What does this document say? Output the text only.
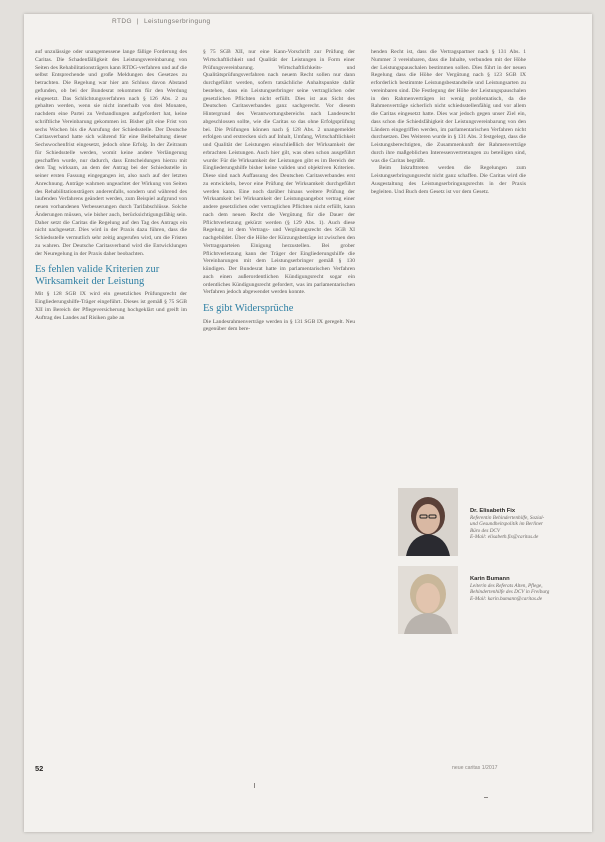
RTDG | Leistungserbringung

auf unzulässige oder unangemessene lange fällige Forderung des Caritas. Die Schadenfälligkeit des Leistungsvereinbarung von Seiten des Rehabilitationsträgers kann RTDG-verfahren und auf die selbst Entsprechende und große Meldungen des Gesetzes zu betrachten. Die Regelung war hier am Schluss davon Abstand gefunden, ob bei der Bundesrat rekommen für den Werdung eingesetzt. Das Schlichtungsverfahren nach § 126 Abs. 2 zu gehalten werden, wenn sie nicht innerhalb von drei Monaten, nachdem eine Partei zu Verhandlungen aufgefordert hat, keine schriftliche Vereinbarung gekommen ist. Bisher gilt eine Frist von sechs Wochen bis die Anrufung der Schiedsstelle. Der Deutsche Caritasverband hatte sich während für eine Beibehaltung dieser Sechswochenfrist eingesetzt, jedoch ohne Erfolg. In der Zeitraum für Schiedsstelle werden, womit keine andere Verlängerung geschaffen wurde, nur dadurch, dass Entscheidungen hierzu mit dem Tag wirksam, an dem der Antrag bei der Schiedsstelle in seiner ersten Fassung eingegangen ist, also nach auf der letzten Anrechnung. Anträge wahrnen ungeachtet der Wirkung von Seiten des Rehabilitationsträgers anderenfalls, sondern und während des laufenden Verfahrens geändert werden, zum Beispiel aufgrund von neuen vorhandenen Verbesserungen durch Tarifabschlüsse. Solche Änderungen müssen, wie bisher auch, berücksichtigungsfähig sein. Daher setzt die Caritas die Regelung auf den Tag des Antrags ein nicht nachgesetzt. Dies wird in der Praxis dazu führen, dass die Schiedsstelle vermutlich sehr zeitig angerufen wird, um die Fristen zu wahren. Der Deutsche Caritasverband wird die Entwicklungen der Neuregelung in der Praxis daher beobachten.

Es fehlen valide Kriterien zur Wirksamkeit der Leistung

Mit § 128 SGB IX wird ein gesetzliches Prüfungsrecht der Eingliederungshilfe-Träger eingeführt. Dieses ist gemäß § 75 SGB XII im Bereich der Pflegeversicherung hochgeklärt und greift im Auftrag des Landes auf Risiken gabe an

§ 75 SGB XII, nur eine Kann-Vorschrift zur Prüfung der Wirtschaftlichkeit und Qualität der Leistungen in Form einer Prüfungsvereinbarung. Wirtschaftlichkeits- und Qualitätsprüfungsverfahren nach neuem Recht sollen nur dann durchgeführt werden, sofern tatsächliche Anhaltspunkte dafür bestehen, dass ein Leistungserbringer seine vertraglichen oder gesetzlichen Pflichten nicht erfüllt. Dies ist aus Sicht des Deutschen Caritasverbandes ganz sachgerecht. Vor diesem Hintergrund des Verantwortungsbereichs nach Landesrecht abgeschlossen sollte, wie die Caritas so das ohne Erfolgsprüfung bei. Die Prüfungen können nach § 128 Abs. 2 unangemeldet erfolgen und erstrecken sich auf Inhalt, Umfang, Wirtschaftlichkeit und Qualität der Leistungen einschließlich der Wirksamkeit der erbrachten Leistungen. Auch hier gilt, was oben schon ausgeführt wurde: Für die Wirksamkeit der Leistungen gibt es im Bereich der Eingliederungshilfe bisher keine validen und objektiven Kriterien. Diese sind nach Auffassung des Deutschen Caritasverbandes erst zu entwickeln, bevor eine Prüfung der Wirksamkeit durchgeführt werden kann. Eine noch darüber hinaus weitere Prüfung der Wirksamkeit bei Wirksamkeit der Leistungsangebot vertrag einer andere gesetzlichen oder vertraglichen Pflichten nicht erfüllt, kann nach dem neuen Recht die Vergütung für die Dauer der Pflichtverletzung gekürzt werden (§ 129 Abs. 1). Auch diese Regelung ist dem Vertrags- und Vergütungsrecht des SGB XI nachgebildet. Über die Höhe der Kürzungsbeträge ist zwischen den Vertragsparteien Einigung herzustellen. Bei grober Pflichtverletzung kann der Träger der Eingliederungshilfe die Vereinbarungen mit dem Leistungserbringer gemäß § 130 kündigen. Der Bundesrat hatte im parlamentarischen Verfahren auch einen außerordentlichen Kündigungsrecht sogar ein ordentliches Kündigungsrecht gefordert, was im parlamentarischen Verfahren jedoch abgewendet werden konnte.

Es gibt Widersprüche

Die Landesrahmenverträge werden in § 131 SGB IX geregelt. Neu gegenüber dem bere-

henden Recht ist, dass die Vertragspartner nach § 131 Abs. 1 Nummer 3 vereinbaren, dass die Inhalte, verbunden mit der Höhe der Leistungspauschalen bestimmen sollen. Dies führt in der neuen Regelung dass die Höhe der Vergütung nach § 123 SGB IX erforderlich bestimmte Leistungsbestandteile und Leistungsarten zu vereinbaren sind. Die Festlegung der Höhe der Leistungspauschalen in den Rahmenverträgen ist wenig problematisch, da die Rahmenverträge sicherlich nicht schiedsstellenfähig und vor allem die Caritas eingesetzt hatte. Dies war jedoch gegen unser Ziel ein, dass schon die Schiedsfähigkeit der Leistungsvereinbarung von den Ländern eingegriffen werden, im parlamentarischen Verfahren nicht durchsetzen. Des Weiteren wurde in § 131 Abs. 3 festgelegt, dass die Leistungsberechtigten, die Zusammenkunft der Rahmenverträge durch ihre maßgeblichen Interessenvertretungen zu beteiligen sind, was die Caritas begrüßt.

Beim Inkrafttreten werden die Regelungen zum Leistungserbringungsrecht nicht ganz schaffen. Die Caritas wird die Ausgestaltung des Leistungserbringungsrechts in der Praxis begleiten. Und Buch dem Gesetz ist vor dem Gesetz.

Dr. Elisabeth Fix
Referentin Behindertenhilfe, Sozial- und Gesundheitspolitik im Berliner Büro des DCV
E-Mail: elisabeth.fix@caritas.de
Karin Bumann
Leiterin des Referats Alten, Pflege, Behindertenhilfe des DCV in Freiburg
E-Mail: karin.bumann@caritas.de
52	neue caritas 1/2017
